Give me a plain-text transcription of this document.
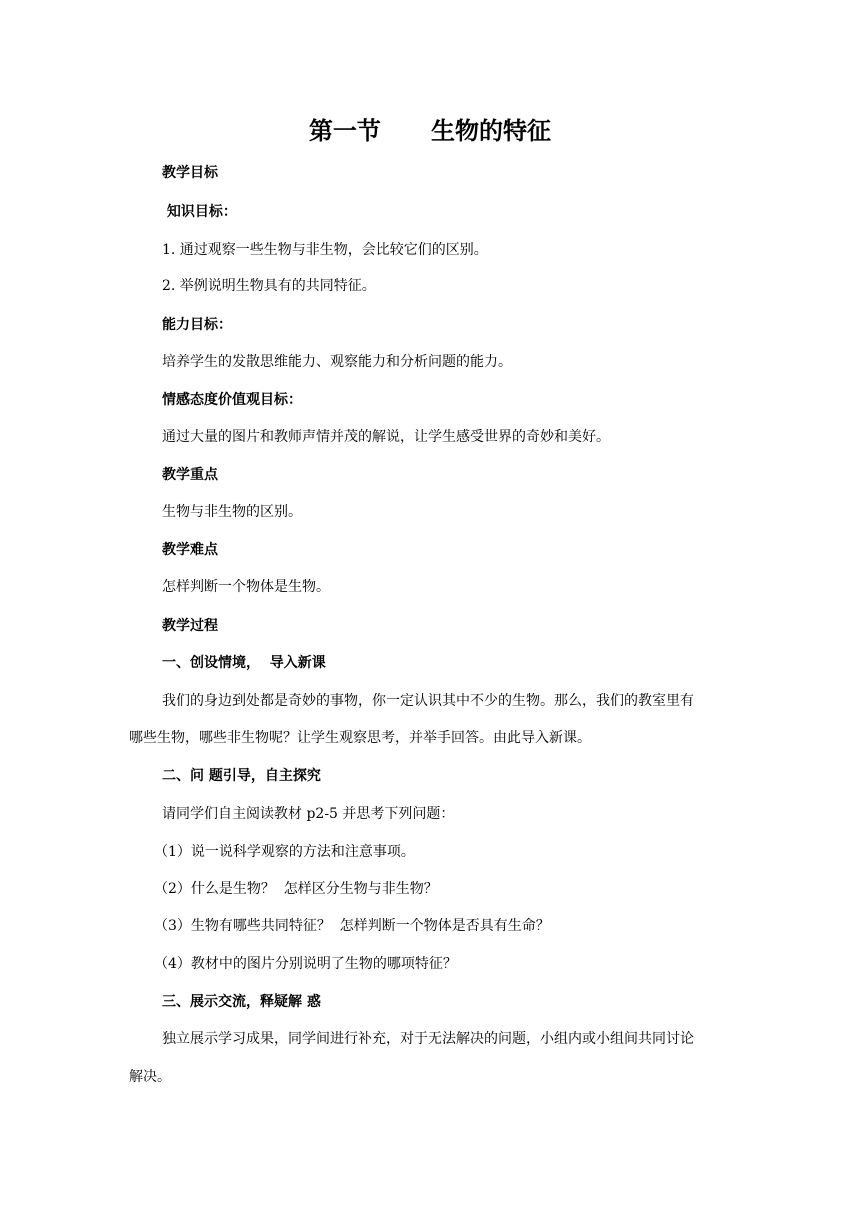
第一节      生物的特征
教学目标
知识目标：
1. 通过观察一些生物与非生物，会比较它们的区别。
2. 举例说明生物具有的共同特征。
能力目标：
培养学生的发散思维能力、观察能力和分析问题的能力。
情感态度价值观目标：
通过大量的图片和教师声情并茂的解说，让学生感受世界的奇妙和美好。
教学重点
生物与非生物的区别。
教学难点
怎样判断一个物体是生物。
教学过程
一、创设情境，  导入新课
我们的身边到处都是奇妙的事物，你一定认识其中不少的生物。那么，我们的教室里有
哪些生物，哪些非生物呢？让学生观察思考，并举手回答。由此导入新课。
二、问 题引导，自主探究
请同学们自主阅读教材 p2-5 并思考下列问题：
（1）说一说科学观察的方法和注意事项。
（2）什么是生物？  怎样区分生物与非生物？
（3）生物有哪些共同特征？  怎样判断一个物体是否具有生命？
（4）教材中的图片分别说明了生物的哪项特征？
三、展示交流，释疑解 惑
独立展示学习成果，同学间进行补充，对于无法解决的问题，小组内或小组间共同讨论
解决。
